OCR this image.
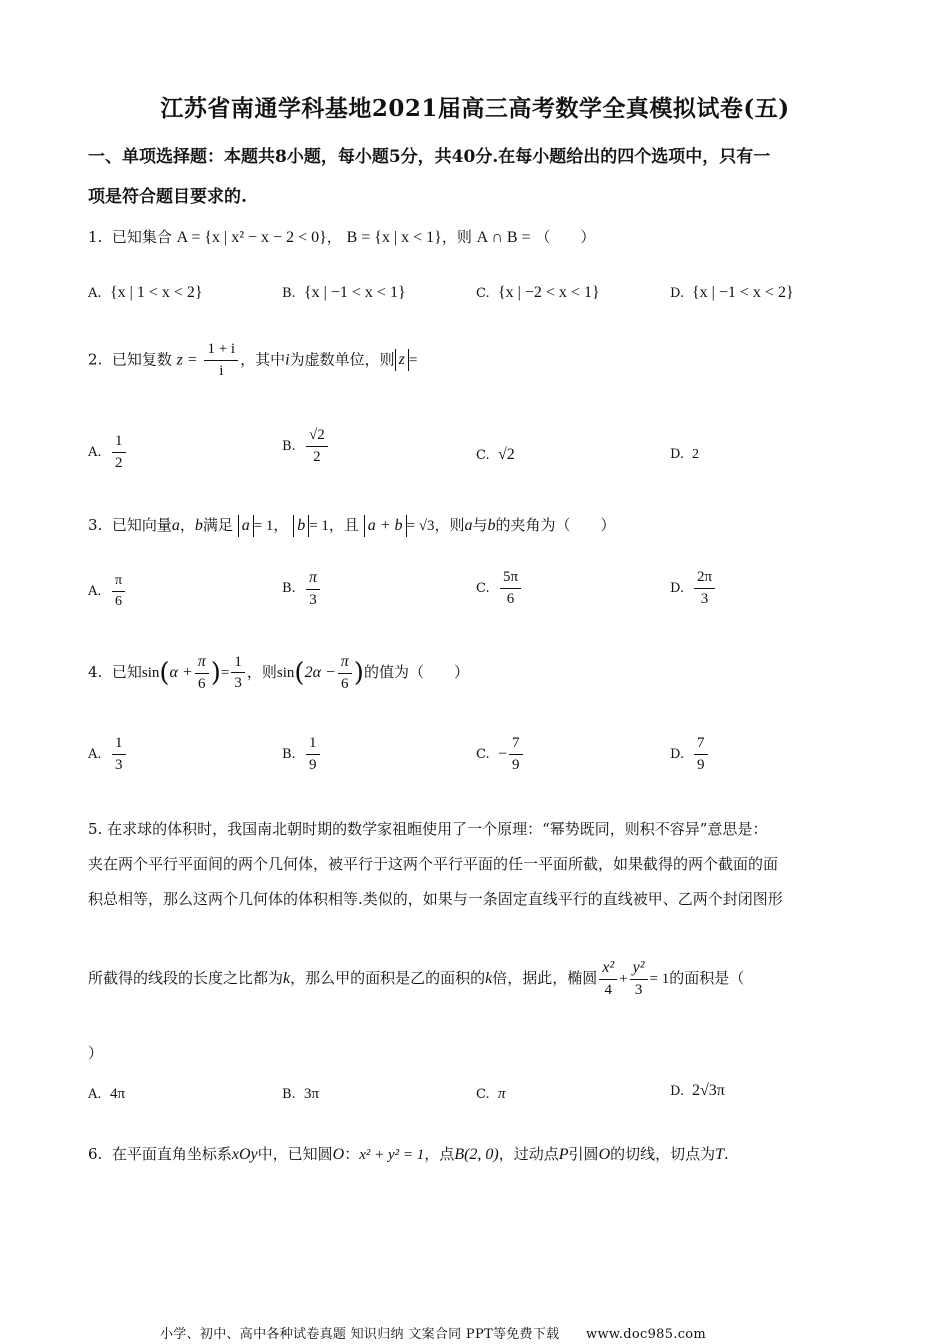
江苏省南通学科基地2021届高三高考数学全真模拟试卷(五)
一、单项选择题：本题共8小题，每小题5分，共40分.在每小题给出的四个选项中，只有一
项是符合题目要求的.
1. 已知集合 A = {x | x² − x − 2 < 0}， B = {x | x < 1}，则 A ∩ B = （　　）
A. {x | 1 < x < 2}	B. {x | −1 < x < 1}	C. {x | −2 < x < 1}	D. {x | −1 < x < 2}
2. 已知复数 $z = \frac{1 + i}{i}$ ，其中i为虚数单位，则 z =
A. $\frac{1}{2}$	B. $\frac{√2}{2}$	C. √2	D. 2
3. 已知向量a，b满足 a = 1， b = 1，且 a + b = √3，则a与b的夹角为（　　）
A. $\frac{\pi}{6}$	B. $\frac{\pi}{3}$	C. $\frac{5\pi}{6}$	D. $\frac{2\pi}{3}$
4. 已知$\sin(\alpha + \frac{\pi}{6}$ )= $\frac{1}{3}$ ，则$\sin(2\alpha - \frac{\pi}{6}$ )的值为（　　）
A. $\frac{1}{3}$	B. $\frac{1}{9}$	C. − $\frac{7}{9}$	D. $\frac{7}{9}$
5. 在求球的体积时，我国南北朝时期的数学家祖暅使用了一个原理：“幂势既同，则积不容异”意思是：
夹在两个平行平面间的两个几何体，被平行于这两个平行平面的任一平面所截，如果截得的两个截面的面
积总相等，那么这两个几何体的体积相等.类似的，如果与一条固定直线平行的直线被甲、乙两个封闭图形
所截得的线段的长度之比都为k，那么甲的面积是乙的面积的k倍，据此，椭圆 $\frac{\text{x²}}{4} + \frac{\text{y²}}{3} = 1$的面积是（
）
A. 4π	B. 3π	C. π	D. 2√3π
6. 在平面直角坐标系xOy中，已知圆O：x² + y² = 1，点B(2, 0)，过动点P引圆O的切线，切点为T.
小学、初中、高中各种试卷真题 知识归纳 文案合同 PPT等免费下载　　www.doc985.com
